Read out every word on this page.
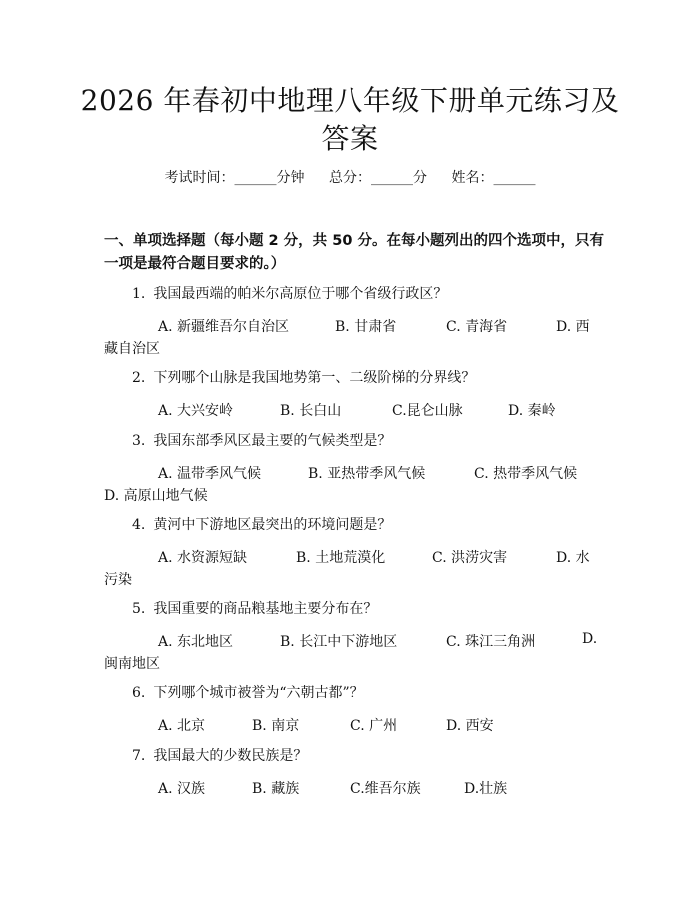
2026 年春初中地理八年级下册单元练习及答案
考试时间：______分钟 总分：______分 姓名：______
一、单项选择题（每小题 2 分，共 50 分。在每小题列出的四个选项中，只有一项是最符合题目要求的。）
1. 我国最西端的帕米尔高原位于哪个省级行政区？
A. 新疆维吾尔自治区	B. 甘肃省	C. 青海省	D. 西
藏自治区
2. 下列哪个山脉是我国地势第一、二级阶梯的分界线？
A. 大兴安岭	B. 长白山	C.昆仑山脉	D. 秦岭
3. 我国东部季风区最主要的气候类型是？
A. 温带季风气候	B. 亚热带季风气候	C. 热带季风气候
D. 高原山地气候
4. 黄河中下游地区最突出的环境问题是？
A. 水资源短缺	B. 土地荒漠化	C. 洪涝灾害	D. 水
污染
5. 我国重要的商品粮基地主要分布在？
A. 东北地区	B. 长江中下游地区	C. 珠江三角洲	D.
闽南地区
6. 下列哪个城市被誉为“六朝古都”？
A. 北京	B. 南京	C. 广州	D. 西安
7. 我国最大的少数民族是？
A. 汉族	B. 藏族	C.维吾尔族	D.壮族
